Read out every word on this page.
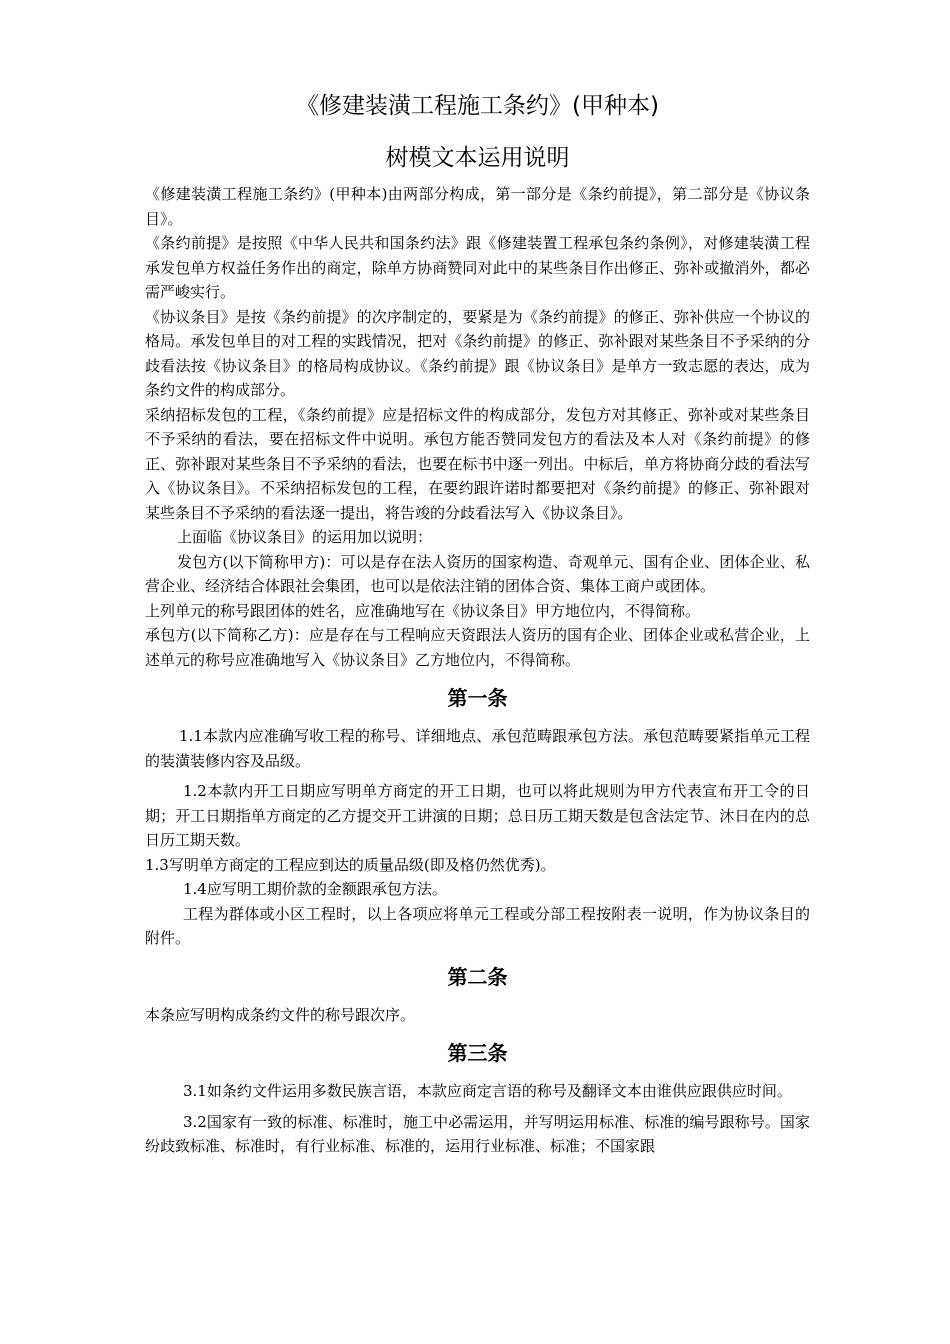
《修建装潢工程施工条约》(甲种本)
树模文本运用说明

《修建装潢工程施工条约》(甲种本)由两部分构成，第一部分是《条约前提》，第二部分是《协议条目》。

《条约前提》是按照《中华人民共和国条约法》跟《修建装置工程承包条约条例》，对修建装潢工程承发包单方权益任务作出的商定，除单方协商赞同对此中的某些条目作出修正、弥补或撤消外，都必需严峻实行。

《协议条目》是按《条约前提》的次序制定的，要紧是为《条约前提》的修正、弥补供应一个协议的格局。承发包单目的对工程的实践情况，把对《条约前提》的修正、弥补跟对某些条目不予采纳的分歧看法按《协议条目》的格局构成协议。《条约前提》跟《协议条目》是单方一致志愿的表达，成为条约文件的构成部分。

采纳招标发包的工程，《条约前提》应是招标文件的构成部分，发包方对其修正、弥补或对某些条目不予采纳的看法，要在招标文件中说明。承包方能否赞同发包方的看法及本人对《条约前提》的修正、弥补跟对某些条目不予采纳的看法，也要在标书中逐一列出。中标后，单方将协商分歧的看法写入《协议条目》。不采纳招标发包的工程，在要约跟许诺时都要把对《条约前提》的修正、弥补跟对某些条目不予采纳的看法逐一提出，将告竣的分歧看法写入《协议条目》。

上面临《协议条目》的运用加以说明：

发包方(以下简称甲方)：可以是存在法人资历的国家构造、奇观单元、国有企业、团体企业、私营企业、经济结合体跟社会集团，也可以是依法注销的团体合资、集体工商户或团体。

上列单元的称号跟团体的姓名，应准确地写在《协议条目》甲方地位内，不得简称。

承包方(以下简称乙方)：应是存在与工程响应天资跟法人资历的国有企业、团体企业或私营企业，上述单元的称号应准确地写入《协议条目》乙方地位内，不得简称。

第一条

1.1本款内应准确写收工程的称号、详细地点、承包范畴跟承包方法。承包范畴要紧指单元工程的装潢装修内容及品级。

1.2本款内开工日期应写明单方商定的开工日期，也可以将此规则为甲方代表宣布开工令的日期；开工日期指单方商定的乙方提交开工讲演的日期；总日历工期天数是包含法定节、沐日在内的总日历工期天数。

1.3写明单方商定的工程应到达的质量品级(即及格仍然优秀)。

1.4应写明工期价款的金额跟承包方法。

工程为群体或小区工程时，以上各项应将单元工程或分部工程按附表一说明，作为协议条目的附件。

第二条

本条应写明构成条约文件的称号跟次序。

第三条

3.1如条约文件运用多数民族言语，本款应商定言语的称号及翻译文本由谁供应跟供应时间。

3.2国家有一致的标准、标准时，施工中必需运用，并写明运用标准、标准的编号跟称号。国家纷歧致标准、标准时，有行业标准、标准的，运用行业标准、标准；不国家跟
